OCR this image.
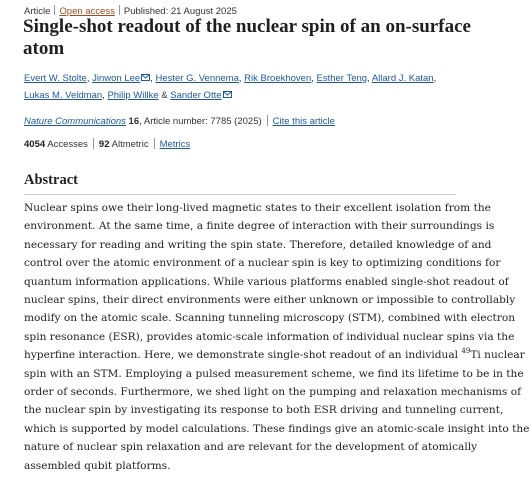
Article Open access Published: 21 August 2025
Single-shot readout of the nuclear spin of an on-surface atom
Evert W. Stolte, Jinwon Lee , Hester G. Vennema, Rik Broekhoven, Esther Teng, Allard J. Katan, Lukas M. Veldman, Philip Willke & Sander Otte
Nature Communications 16, Article number: 7785 (2025) Cite this article
4054 Accesses 92 Altmetric Metrics
Abstract

Nuclear spins owe their long-lived magnetic states to their excellent isolation from the
environment. At the same time, a finite degree of interaction with their surroundings is
necessary for reading and writing the spin state. Therefore, detailed knowledge of and
control over the atomic environment of a nuclear spin is key to optimizing conditions for
quantum information applications. While various platforms enabled single-shot readout of
nuclear spins, their direct environments were either unknown or impossible to controllably
modify on the atomic scale. Scanning tunneling microscopy (STM), combined with electron
spin resonance (ESR), provides atomic-scale information of individual nuclear spins via the
hyperfine interaction. Here, we demonstrate single-shot readout of an individual $^{49}$Ti nuclear
spin with an STM. Employing a pulsed measurement scheme, we find its lifetime to be in the
order of seconds. Furthermore, we shed light on the pumping and relaxation mechanisms of
the nuclear spin by investigating its response to both ESR driving and tunneling current,
which is supported by model calculations. These findings give an atomic-scale insight into the
nature of nuclear spin relaxation and are relevant for the development of atomically
assembled qubit platforms.
